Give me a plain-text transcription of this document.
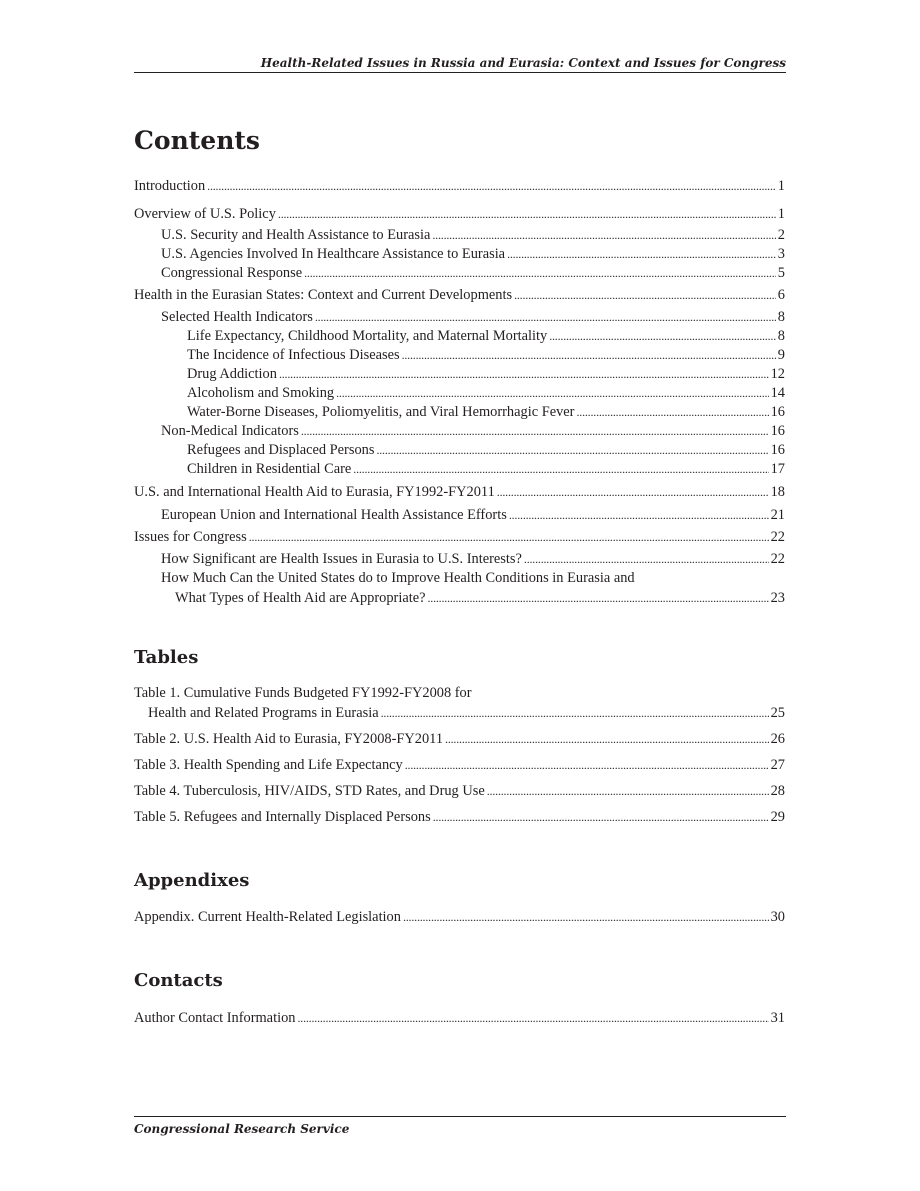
Health-Related Issues in Russia and Eurasia: Context and Issues for Congress
Contents
Introduction . . .	1
Overview of U.S. Policy . . .	1
U.S. Security and Health Assistance to Eurasia . . .	2
U.S. Agencies Involved In Healthcare Assistance to Eurasia . . .	3
Congressional Response . . .	5
Health in the Eurasian States: Context and Current Developments . . .	6
Selected Health Indicators . . .	8
Life Expectancy, Childhood Mortality, and Maternal Mortality . . .	8
The Incidence of Infectious Diseases . . .	9
Drug Addiction . . .	12
Alcoholism and Smoking . . .	14
Water-Borne Diseases, Poliomyelitis, and Viral Hemorrhagic Fever . . .	16
Non-Medical Indicators . . .	16
Refugees and Displaced Persons . . .	16
Children in Residential Care . . .	17
U.S. and International Health Aid to Eurasia, FY1992-FY2011 . . .	18
European Union and International Health Assistance Efforts . . .	21
Issues for Congress . . .	22
How Significant are Health Issues in Eurasia to U.S. Interests? . . .	22
How Much Can the United States do to Improve Health Conditions in Eurasia and
What Types of Health Aid are Appropriate? . . .	23
Tables
Table 1. Cumulative Funds Budgeted FY1992-FY2008 for
Health and Related Programs in Eurasia . . .	25
Table 2. U.S. Health Aid to Eurasia, FY2008-FY2011 . . .	26
Table 3. Health Spending and Life Expectancy . . .	27
Table 4. Tuberculosis, HIV/AIDS, STD Rates, and Drug Use . . .	28
Table 5. Refugees and Internally Displaced Persons . . .	29
Appendixes
Appendix. Current Health-Related Legislation . . .	30
Contacts
Author Contact Information . . .	31
Congressional Research Service
